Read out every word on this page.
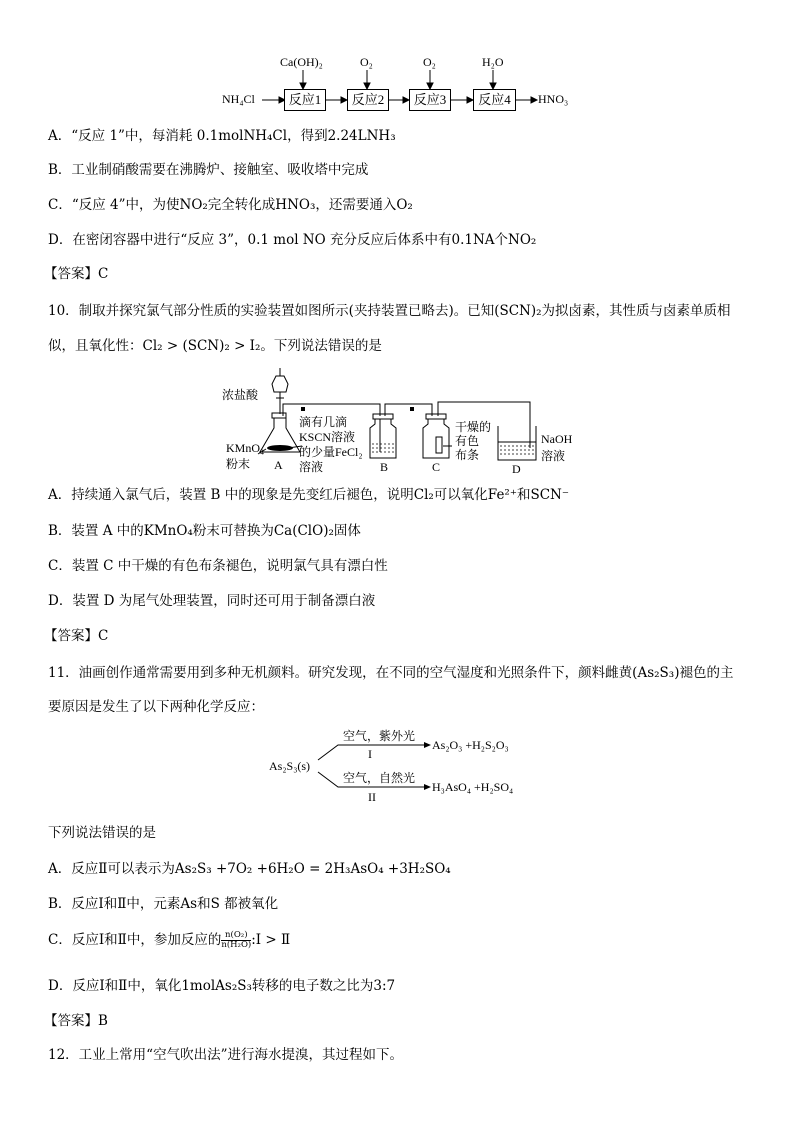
NH₄Cl	反应1	反应2	反应3	反应4	HNO₃
Ca(OH)₂	O₂	O₂	H₂O
A．“反应 1”中，每消耗 0.1molNH₄Cl，得到2.24LNH₃
B．工业制硝酸需要在沸腾炉、接触室、吸收塔中完成
C．“反应 4”中，为使NO₂完全转化成HNO₃，还需要通入O₂
D．在密闭容器中进行“反应 3”，0.1 mol NO 充分反应后体系中有0.1NA个NO₂
【答案】C
10．制取并探究氯气部分性质的实验装置如图所示(夹持装置已略去)。已知(SCN)₂为拟卤素，其性质与卤素单质相
似，且氧化性：Cl₂ > (SCN)₂ > I₂。下列说法错误的是
浓盐酸
KMnO₄
粉末
滴有几滴
KSCN溶液
的少量FeCl₂
溶液
干燥的
有色
布条
NaOH
溶液
A	B	C	D
A．持续通入氯气后，装置 B 中的现象是先变红后褪色，说明Cl₂可以氧化Fe²⁺和SCN⁻
B．装置 A 中的KMnO₄粉末可替换为Ca(ClO)₂固体
C．装置 C 中干燥的有色布条褪色，说明氯气具有漂白性
D．装置 D 为尾气处理装置，同时还可用于制备漂白液
【答案】C
11．油画创作通常需要用到多种无机颜料。研究发现，在不同的空气湿度和光照条件下，颜料雌黄(As₂S₃)褪色的主
要原因是发生了以下两种化学反应：
As₂S₃(s)
空气，紫外光
I
As₂O₃ +H₂S₂O₃
空气，自然光
II
H₃AsO₄ +H₂SO₄
下列说法错误的是
A．反应Ⅱ可以表示为As₂S₃ +7O₂ +6H₂O = 2H₃AsO₄ +3H₂SO₄
B．反应Ⅰ和Ⅱ中，元素As和S 都被氧化
C．反应Ⅰ和Ⅱ中，参加反应的 $\frac{\text{n(O₂)}}{\text{n(H₂O)}}$ :Ⅰ > Ⅱ
D．反应Ⅰ和Ⅱ中，氧化1molAs₂S₃转移的电子数之比为3:7
【答案】B
12．工业上常用“空气吹出法”进行海水提溴，其过程如下。
